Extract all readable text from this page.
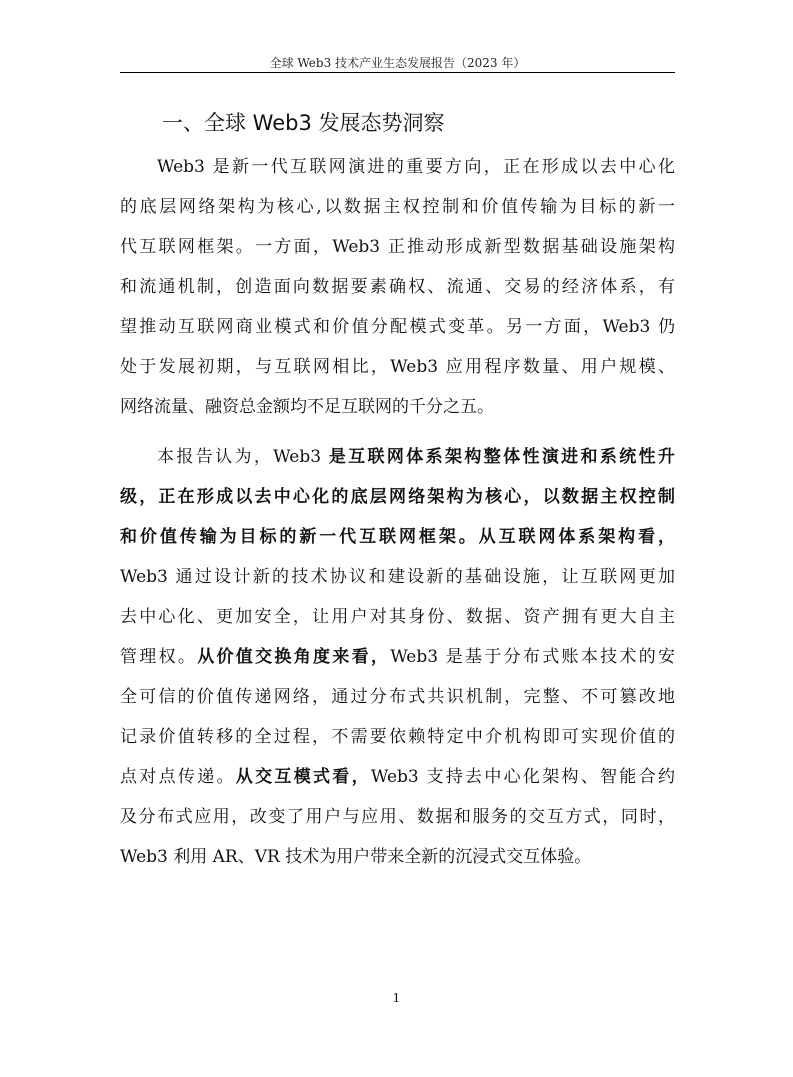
全球 Web3 技术产业生态发展报告（2023 年）
一、全球 Web3 发展态势洞察
Web3 是新一代互联网演进的重要方向，正在形成以去中心化
的底层网络架构为核心,以数据主权控制和价值传输为目标的新一
代互联网框架。一方面，Web3 正推动形成新型数据基础设施架构
和流通机制，创造面向数据要素确权、流通、交易的经济体系，有
望推动互联网商业模式和价值分配模式变革。另一方面，Web3 仍
处于发展初期，与互联网相比，Web3 应用程序数量、用户规模、
网络流量、融资总金额均不足互联网的千分之五。
本报告认为，Web3 是互联网体系架构整体性演进和系统性升
级，正在形成以去中心化的底层网络架构为核心，以数据主权控制
和价值传输为目标的新一代互联网框架。从互联网体系架构看，
Web3 通过设计新的技术协议和建设新的基础设施，让互联网更加
去中心化、更加安全，让用户对其身份、数据、资产拥有更大自主
管理权。从价值交换角度来看，Web3 是基于分布式账本技术的安
全可信的价值传递网络，通过分布式共识机制，完整、不可篡改地
记录价值转移的全过程，不需要依赖特定中介机构即可实现价值的
点对点传递。从交互模式看，Web3 支持去中心化架构、智能合约
及分布式应用，改变了用户与应用、数据和服务的交互方式，同时，
Web3 利用 AR、VR 技术为用户带来全新的沉浸式交互体验。
1
